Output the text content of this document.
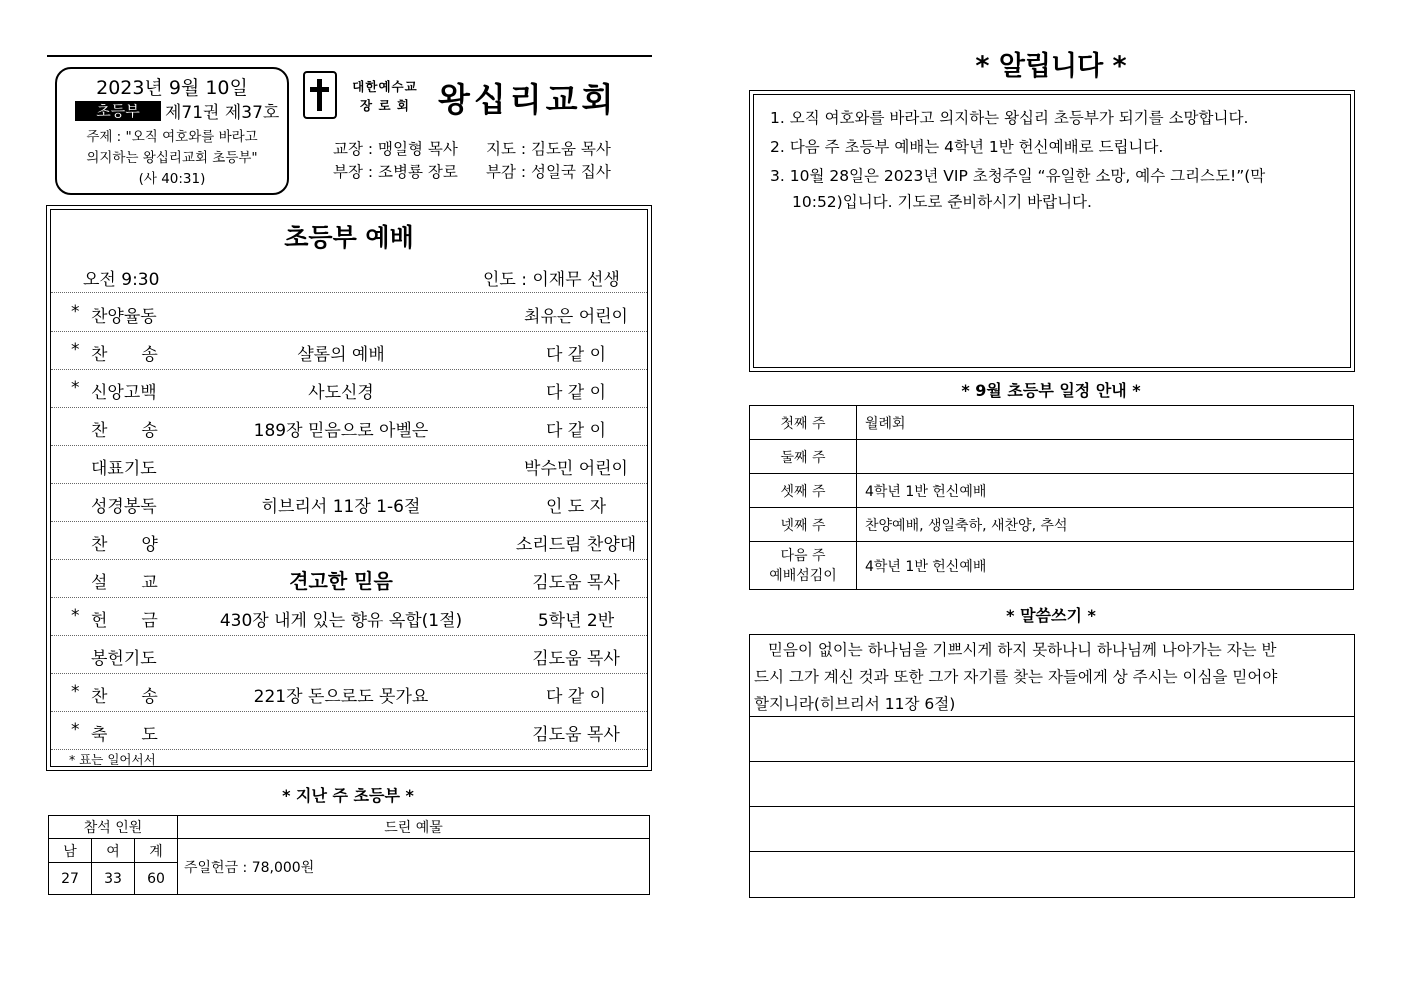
2023년 9월 10일
초등부	제71권 제37호
주제 : "오직 여호와를 바라고
의지하는 왕십리교회 초등부"
(사 40:31)
대한예수교
장 로 회 왕십리교회
교장 : 맹일형 목사 지도 : 김도움 목사
부장 : 조병룡 장로 부감 : 성일국 집사
초등부 예배
오전 9:30	인도 : 이재무 선생
* 찬양율동	최유은 어린이
* 찬　　송	샬롬의 예배	다 같 이
* 신앙고백	사도신경	다 같 이
찬　　송	189장 믿음으로 아벨은	다 같 이
대표기도	박수민 어린이
성경봉독	히브리서 11장 1-6절	인 도 자
찬　　양	소리드림 찬양대
설　　교	견고한 믿음	김도움 목사
* 헌　　금	430장 내게 있는 향유 옥합(1절)	5학년 2반
봉헌기도	김도움 목사
* 찬　　송	221장 돈으로도 못가요	다 같 이
* 축　　도	김도움 목사
* 표는 일어서서
* 지난 주 초등부 *
참석 인원			드린 예물
남	여	계	주일헌금 : 78,000원
27	33	60	
* 알립니다 *
1. 오직 여호와를 바라고 의지하는 왕십리 초등부가 되기를 소망합니다.
2. 다음 주 초등부 예배는 4학년 1반 헌신예배로 드립니다.
3. 10월 28일은 2023년 VIP 초청주일 “유일한 소망, 예수 그리스도!”(막
10:52)입니다. 기도로 준비하시기 바랍니다.
* 9월 초등부 일정 안내 *
첫째 주	월례회
둘째 주	
셋째 주	4학년 1반 헌신예배
넷째 주	찬양예배, 생일축하, 새찬양, 추석

다음 주
예배섬김이	4학년 1반 헌신예배
* 말씀쓰기 *
믿음이 없이는 하나님을 기쁘시게 하지 못하나니 하나님께 나아가는 자는 반
드시 그가 계신 것과 또한 그가 자기를 찾는 자들에게 상 주시는 이심을 믿어야
할지니라(히브리서 11장 6절)
